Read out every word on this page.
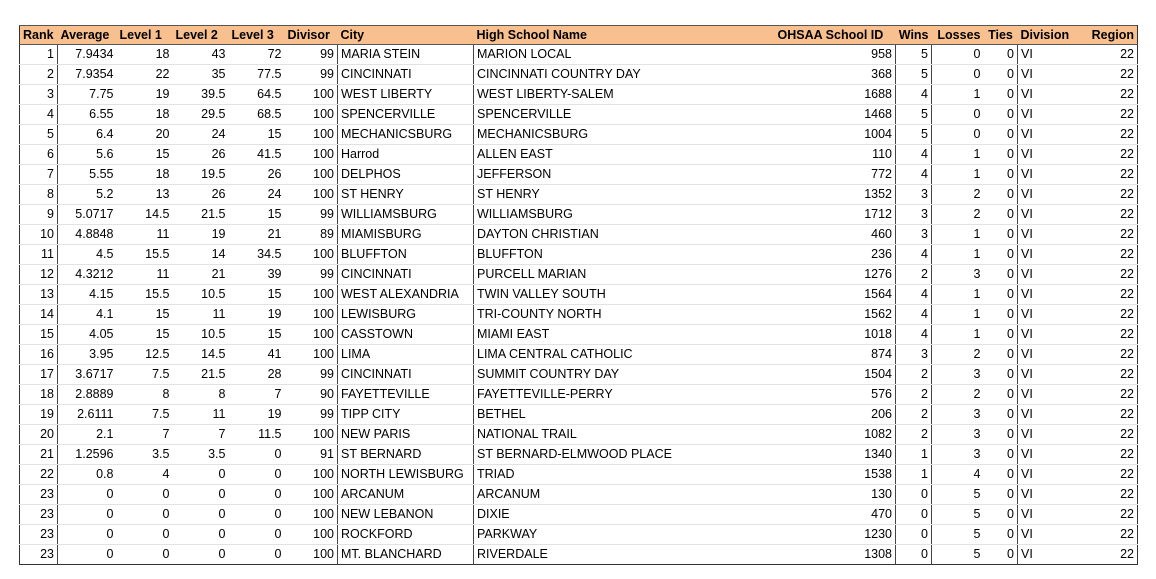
Rank	Average	Level 1	Level 2	Level 3	Divisor	City	High School Name	OHSAA School ID	Wins	Losses	Ties	Division	Region
1	7.9434	18	43	72	99	MARIA STEIN	MARION LOCAL	958	5	0	0	VI	22
2	7.9354	22	35	77.5	99	CINCINNATI	CINCINNATI COUNTRY DAY	368	5	0	0	VI	22
3	7.75	19	39.5	64.5	100	WEST LIBERTY	WEST LIBERTY-SALEM	1688	4	1	0	VI	22
4	6.55	18	29.5	68.5	100	SPENCERVILLE	SPENCERVILLE	1468	5	0	0	VI	22
5	6.4	20	24	15	100	MECHANICSBURG	MECHANICSBURG	1004	5	0	0	VI	22
6	5.6	15	26	41.5	100	Harrod	ALLEN EAST	110	4	1	0	VI	22
7	5.55	18	19.5	26	100	DELPHOS	JEFFERSON	772	4	1	0	VI	22
8	5.2	13	26	24	100	ST HENRY	ST HENRY	1352	3	2	0	VI	22
9	5.0717	14.5	21.5	15	99	WILLIAMSBURG	WILLIAMSBURG	1712	3	2	0	VI	22
10	4.8848	11	19	21	89	MIAMISBURG	DAYTON CHRISTIAN	460	3	1	0	VI	22
11	4.5	15.5	14	34.5	100	BLUFFTON	BLUFFTON	236	4	1	0	VI	22
12	4.3212	11	21	39	99	CINCINNATI	PURCELL MARIAN	1276	2	3	0	VI	22
13	4.15	15.5	10.5	15	100	WEST ALEXANDRIA	TWIN VALLEY SOUTH	1564	4	1	0	VI	22
14	4.1	15	11	19	100	LEWISBURG	TRI-COUNTY NORTH	1562	4	1	0	VI	22
15	4.05	15	10.5	15	100	CASSTOWN	MIAMI EAST	1018	4	1	0	VI	22
16	3.95	12.5	14.5	41	100	LIMA	LIMA CENTRAL CATHOLIC	874	3	2	0	VI	22
17	3.6717	7.5	21.5	28	99	CINCINNATI	SUMMIT COUNTRY DAY	1504	2	3	0	VI	22
18	2.8889	8	8	7	90	FAYETTEVILLE	FAYETTEVILLE-PERRY	576	2	2	0	VI	22
19	2.6111	7.5	11	19	99	TIPP CITY	BETHEL	206	2	3	0	VI	22
20	2.1	7	7	11.5	100	NEW PARIS	NATIONAL TRAIL	1082	2	3	0	VI	22
21	1.2596	3.5	3.5	0	91	ST BERNARD	ST BERNARD-ELMWOOD PLACE	1340	1	3	0	VI	22
22	0.8	4	0	0	100	NORTH LEWISBURG	TRIAD	1538	1	4	0	VI	22
23	0	0	0	0	100	ARCANUM	ARCANUM	130	0	5	0	VI	22
23	0	0	0	0	100	NEW LEBANON	DIXIE	470	0	5	0	VI	22
23	0	0	0	0	100	ROCKFORD	PARKWAY	1230	0	5	0	VI	22
23	0	0	0	0	100	MT. BLANCHARD	RIVERDALE	1308	0	5	0	VI	22
